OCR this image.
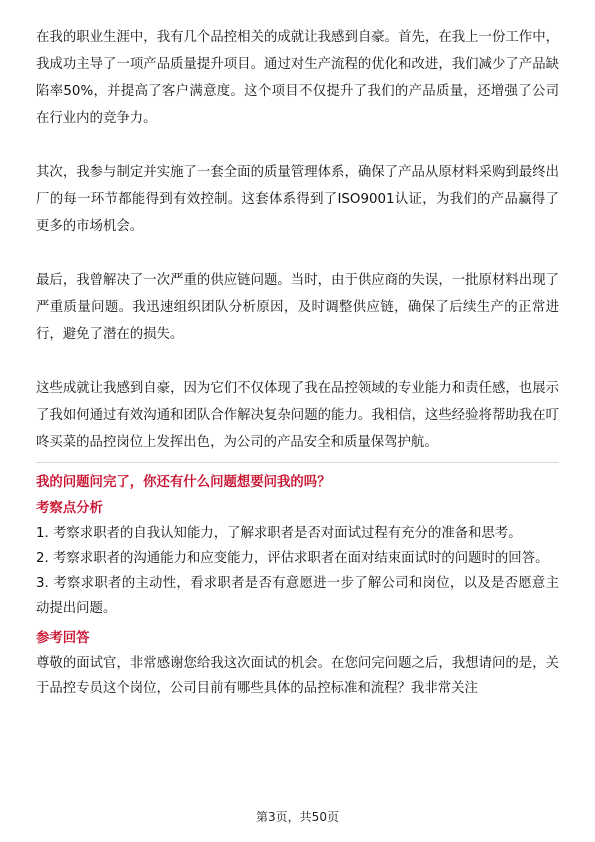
在我的职业生涯中，我有几个品控相关的成就让我感到自豪。首先，在我上一份工作中，我成功主导了一项产品质量提升项目。通过对生产流程的优化和改进，我们减少了产品缺陷率50%，并提高了客户满意度。这个项目不仅提升了我们的产品质量，还增强了公司在行业内的竞争力。

其次，我参与制定并实施了一套全面的质量管理体系，确保了产品从原材料采购到最终出厂的每一环节都能得到有效控制。这套体系得到了ISO9001认证，为我们的产品赢得了更多的市场机会。

最后，我曾解决了一次严重的供应链问题。当时，由于供应商的失误，一批原材料出现了严重质量问题。我迅速组织团队分析原因，及时调整供应链，确保了后续生产的正常进行，避免了潜在的损失。

这些成就让我感到自豪，因为它们不仅体现了我在品控领域的专业能力和责任感，也展示了我如何通过有效沟通和团队合作解决复杂问题的能力。我相信，这些经验将帮助我在叮咚买菜的品控岗位上发挥出色，为公司的产品安全和质量保驾护航。

我的问题问完了，你还有什么问题想要问我的吗？

考察点分析

1. 考察求职者的自我认知能力，了解求职者是否对面试过程有充分的准备和思考。

2. 考察求职者的沟通能力和应变能力，评估求职者在面对结束面试时的问题时的回答。

3. 考察求职者的主动性，看求职者是否有意愿进一步了解公司和岗位，以及是否愿意主动提出问题。

参考回答

尊敬的面试官，非常感谢您给我这次面试的机会。在您问完问题之后，我想请问的是，关于品控专员这个岗位，公司目前有哪些具体的品控标准和流程？我非常关注

第3页，共50页
